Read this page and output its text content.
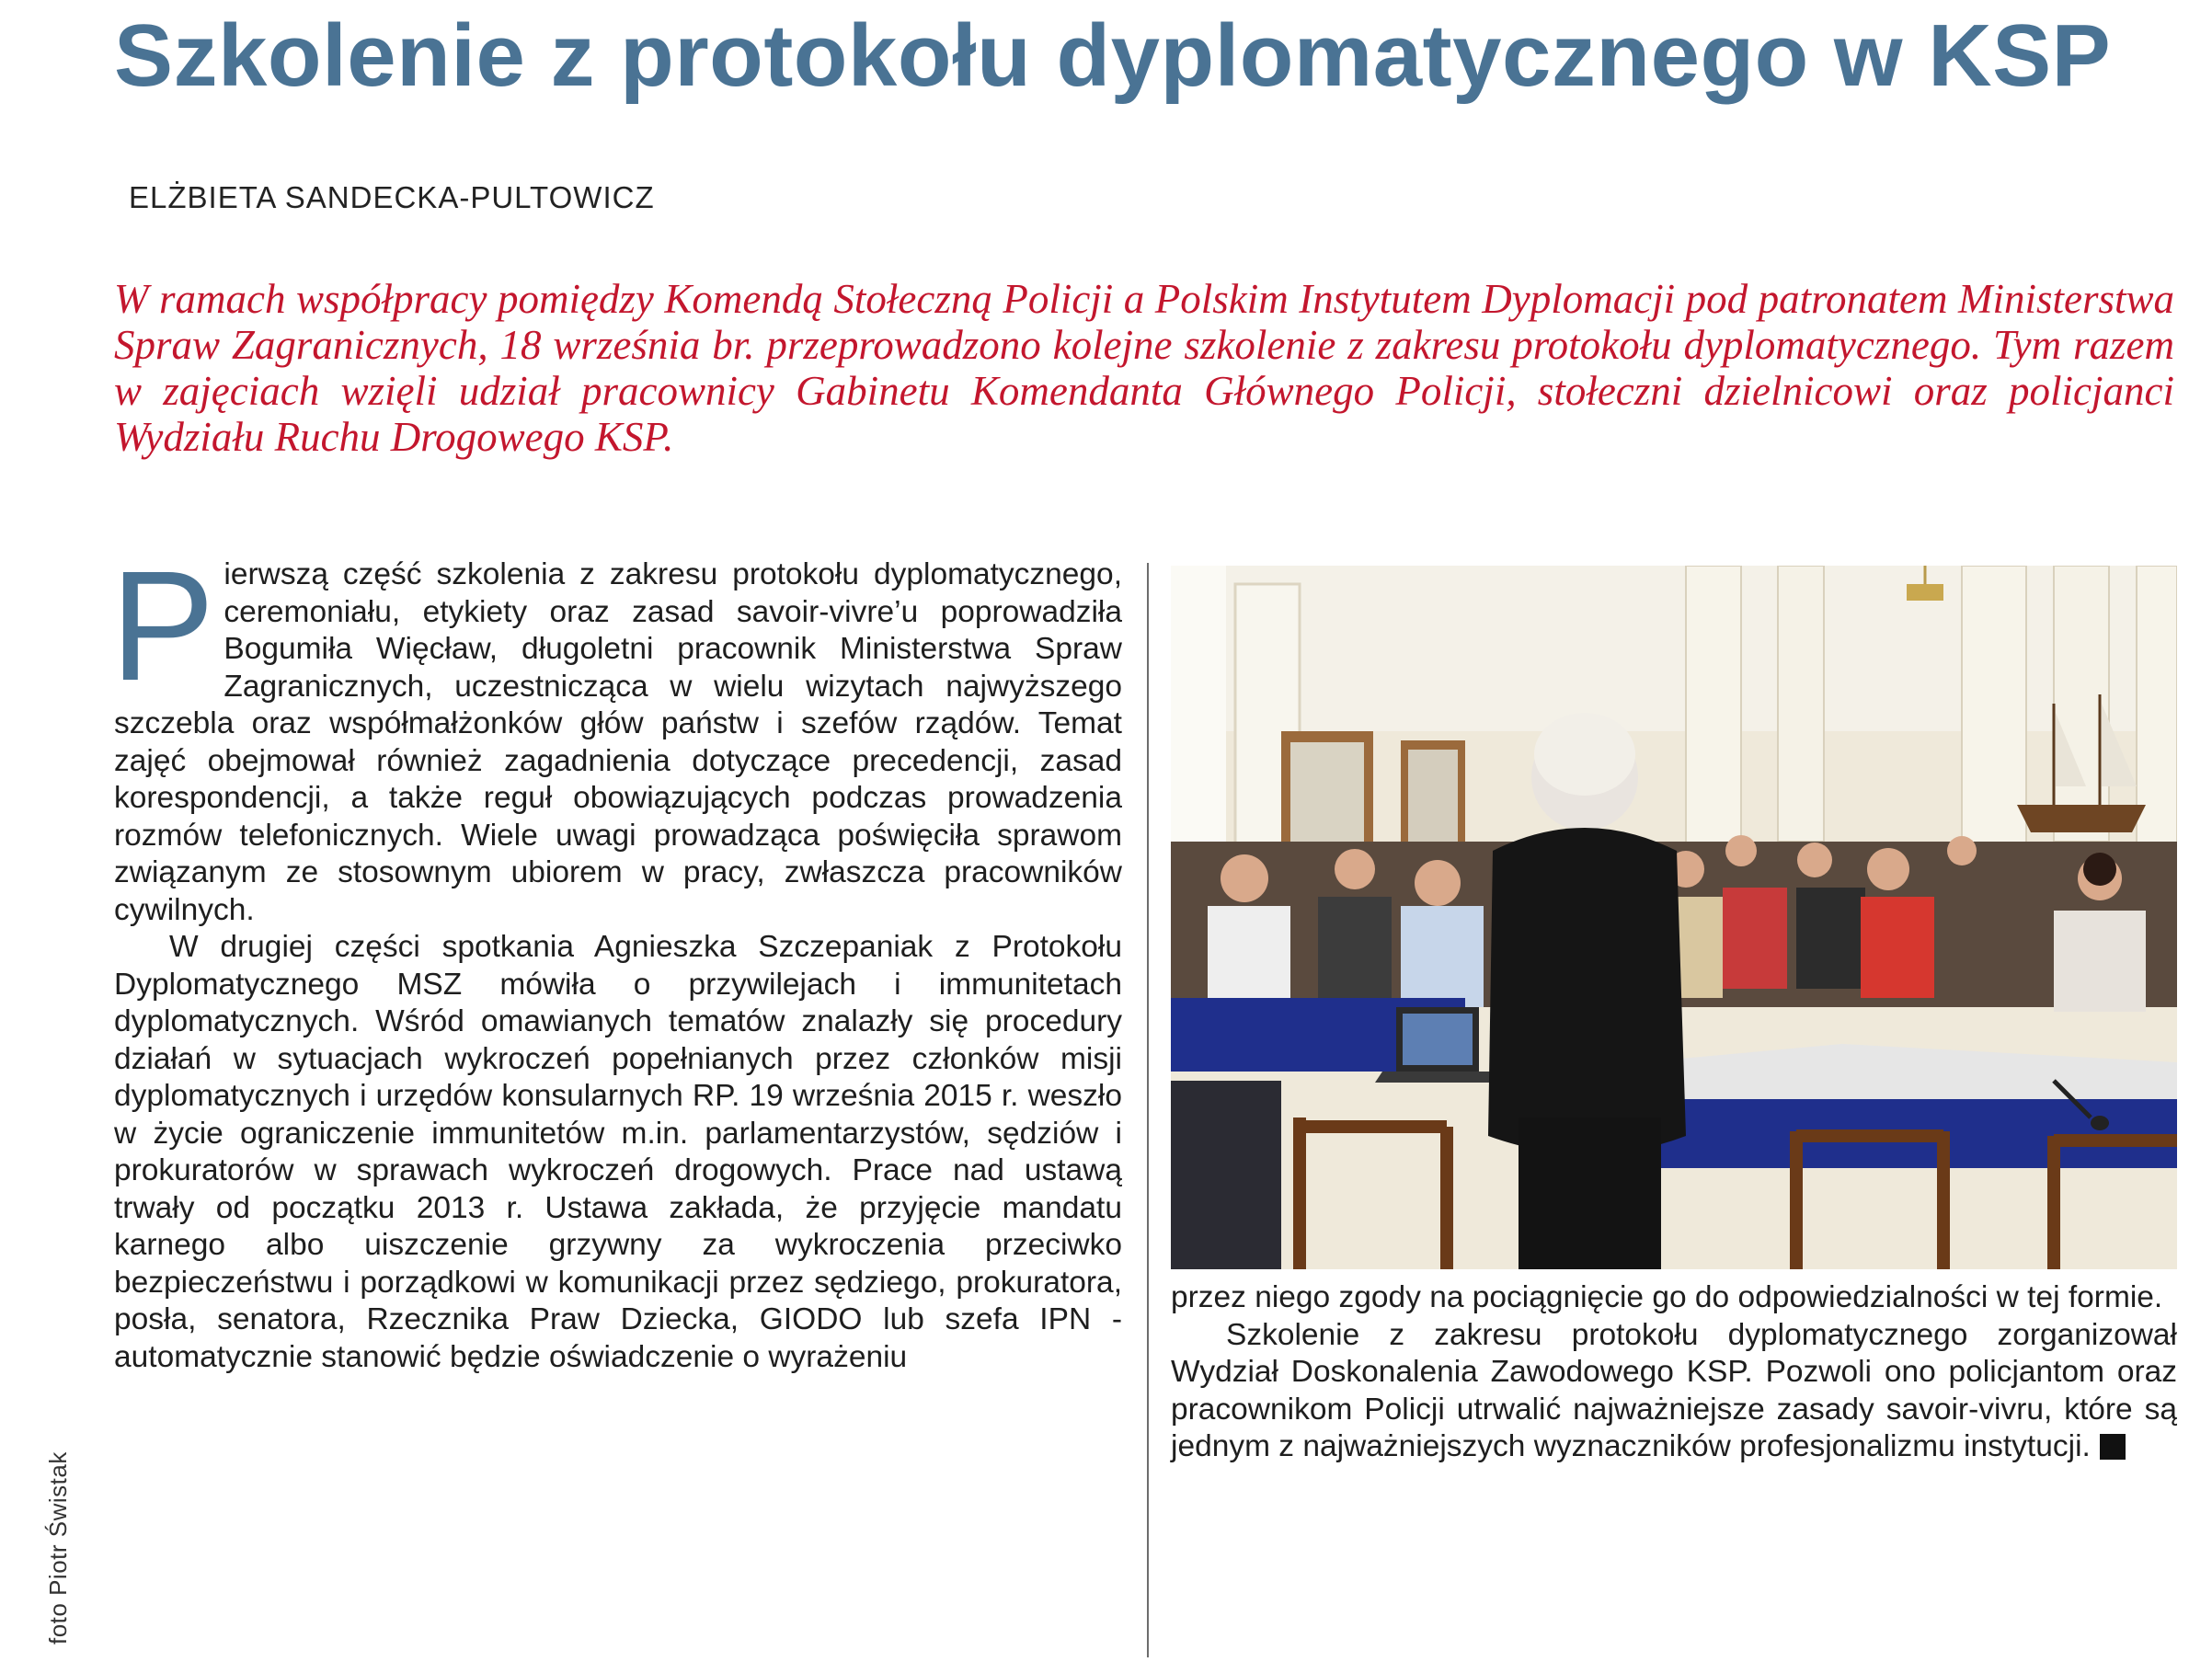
Szkolenie z protokołu dyplomatycznego w KSP
ELŻBIETA SANDECKA-PULTOWICZ

W ramach współpracy pomiędzy Komendą Stołeczną Policji a Polskim Instytutem Dyplomacji pod patronatem Ministerstwa Spraw Zagranicznych, 18 września br. przeprowadzono kolejne szkolenie z zakresu protokołu dyplomatycznego. Tym razem w zajęciach wzięli udział pracownicy Gabinetu Komendanta Głównego Policji, stołeczni dzielnicowi oraz policjanci Wydziału Ruchu Drogowego KSP.

Pierwszą część szkolenia z zakresu protokołu dyplomatycznego, ceremoniału, etykiety oraz zasad savoir-vivre’u poprowadziła Bogumiła Więcław, długoletni pracownik Ministerstwa Spraw Zagranicznych, uczestnicząca w wielu wizytach najwyższego szczebla oraz współmałżonków głów państw i szefów rządów. Temat zajęć obejmował również zagadnienia dotyczące precedencji, zasad korespondencji, a także reguł obowiązujących podczas prowadzenia rozmów telefonicznych. Wiele uwagi prowadząca poświęciła sprawom związanym ze stosownym ubiorem w pracy, zwłaszcza pracowników cywilnych.

W drugiej części spotkania Agnieszka Szczepaniak z Protokołu Dyplomatycznego MSZ mówiła o przywilejach i immunitetach dyplomatycznych. Wśród omawianych tematów znalazły się procedury działań w sytuacjach wykroczeń popełnianych przez członków misji dyplomatycznych i urzędów konsularnych RP. 19 września 2015 r. weszło w życie ograniczenie immunitetów m.in. parlamentarzystów, sędziów i prokuratorów w sprawach wykroczeń drogowych. Prace nad ustawą trwały od początku 2013 r. Ustawa zakłada, że przyjęcie mandatu karnego albo uiszczenie grzywny za wykroczenia przeciwko bezpieczeństwu i porządkowi w komunikacji przez sędziego, prokuratora, posła, senatora, Rzecznika Praw Dziecka, GIODO lub szefa IPN - automatycznie stanowić będzie oświadczenie o wyrażeniu

przez niego zgody na pociągnięcie go do odpowiedzialności w tej formie.

Szkolenie z zakresu protokołu dyplomatycznego zorganizował Wydział Doskonalenia Zawodowego KSP. Pozwoli ono policjantom oraz pracownikom Policji utrwalić najważniejsze zasady savoir-vivru, które są jednym z najważniejszych wyznaczników profesjonalizmu instytucji.

foto Piotr Świstak
